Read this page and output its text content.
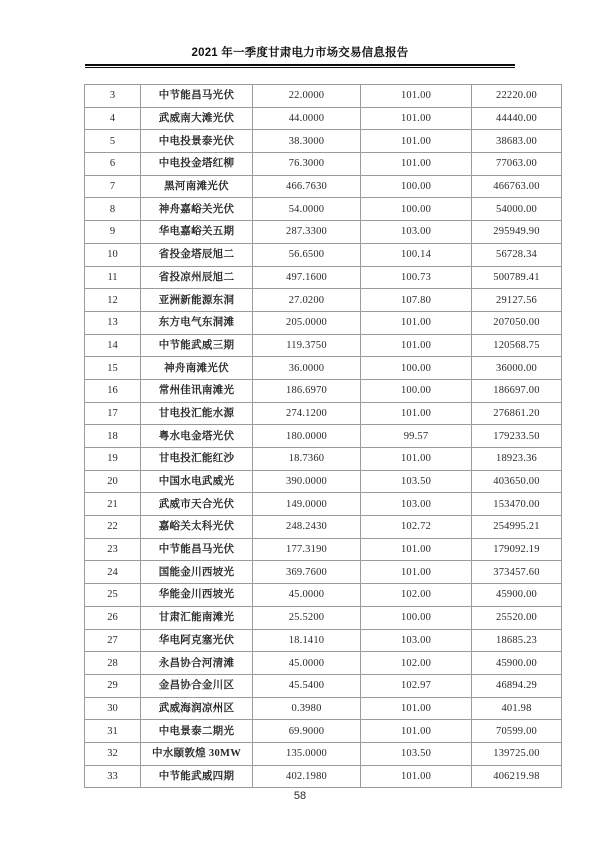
2021 年一季度甘肃电力市场交易信息报告
3	中节能昌马光伏	22.0000	101.00	22220.00
4	武威南大滩光伏	44.0000	101.00	44440.00
5	中电投景泰光伏	38.3000	101.00	38683.00
6	中电投金塔红柳	76.3000	101.00	77063.00
7	黑河南滩光伏	466.7630	100.00	466763.00
8	神舟嘉峪关光伏	54.0000	100.00	54000.00
9	华电嘉峪关五期	287.3300	103.00	295949.90
10	省投金塔辰旭二	56.6500	100.14	56728.34
11	省投凉州辰旭二	497.1600	100.73	500789.41
12	亚洲新能源东洞	27.0200	107.80	29127.56
13	东方电气东洞滩	205.0000	101.00	207050.00
14	中节能武威三期	119.3750	101.00	120568.75
15	神舟南滩光伏	36.0000	100.00	36000.00
16	常州佳讯南滩光	186.6970	100.00	186697.00
17	甘电投汇能水源	274.1200	101.00	276861.20
18	粤水电金塔光伏	180.0000	99.57	179233.50
19	甘电投汇能红沙	18.7360	101.00	18923.36
20	中国水电武威光	390.0000	103.50	403650.00
21	武威市天合光伏	149.0000	103.00	153470.00
22	嘉峪关太科光伏	248.2430	102.72	254995.21
23	中节能昌马光伏	177.3190	101.00	179092.19
24	国能金川西坡光	369.7600	101.00	373457.60
25	华能金川西坡光	45.0000	102.00	45900.00
26	甘肃汇能南滩光	25.5200	100.00	25520.00
27	华电阿克塞光伏	18.1410	103.00	18685.23
28	永昌协合河清滩	45.0000	102.00	45900.00
29	金昌协合金川区	45.5400	102.97	46894.29
30	武威海润凉州区	0.3980	101.00	401.98
31	中电景泰二期光	69.9000	101.00	70599.00
32	中水颐敦煌 30MW	135.0000	103.50	139725.00
33	中节能武威四期	402.1980	101.00	406219.98
58
